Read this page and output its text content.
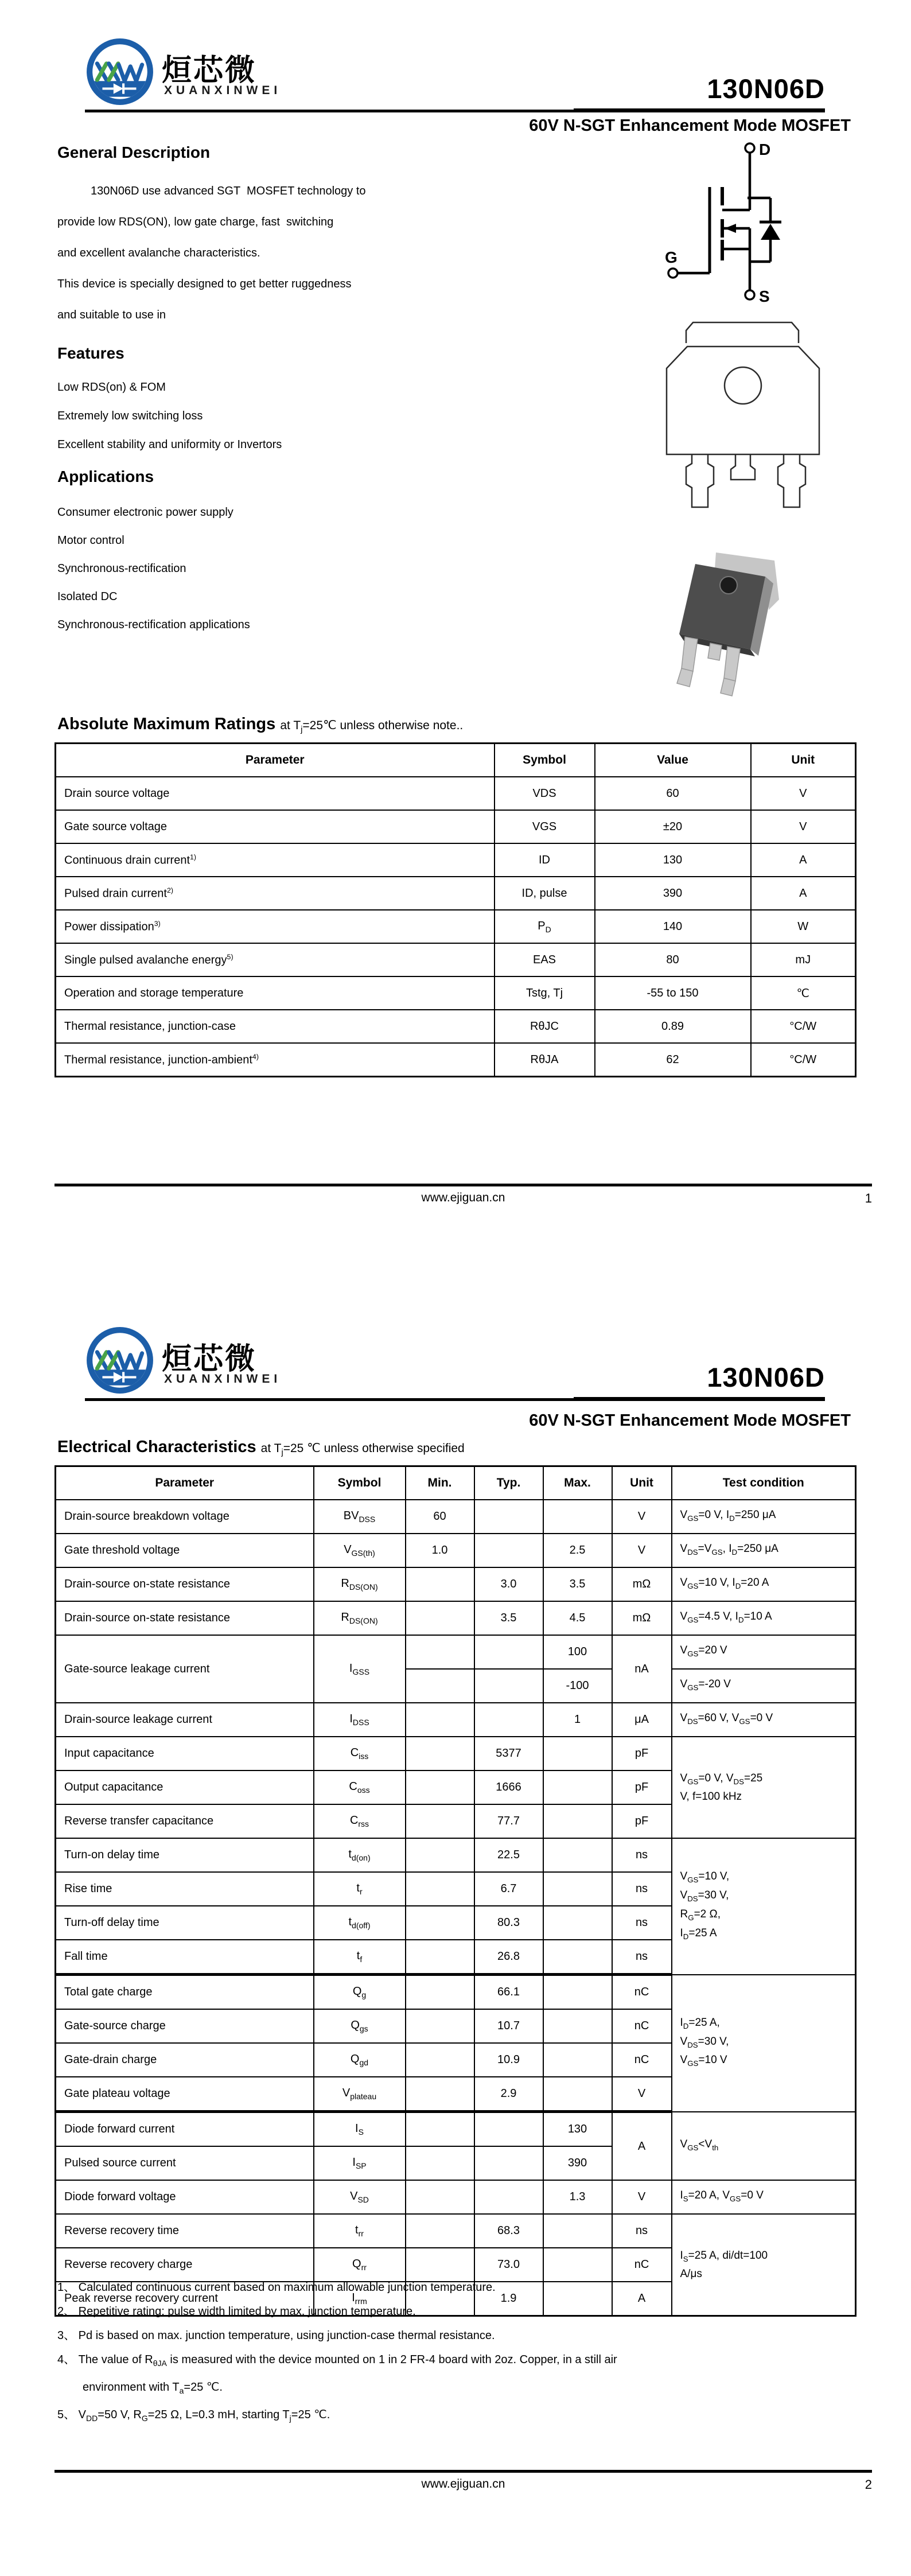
烜芯微
XUANXINWEI	130N06D
60V N-SGT Enhancement Mode MOSFET
General Description
130N06D use advanced SGT  MOSFET technology to
provide low RDS(ON), low gate charge, fast  switching
and excellent avalanche characteristics.
This device is specially designed to get better ruggedness
and suitable to use in
Features
Low RDS(on) & FOM
Extremely low switching loss
Excellent stability and uniformity or Invertors
Applications
Consumer electronic power supply
Motor control
Synchronous-rectification
Isolated DC
Synchronous-rectification applications
D
G
S
Absolute Maximum Ratings at $T_j=25℃$ unless otherwise note..
Parameter	Symbol	Value	Unit
Drain source voltage	VDS	60	V
Gate source voltage	VGS	±20	V
Continuous drain current$^{1)}$	ID	130	A
Pulsed drain current$^{2)}$	ID, pulse	390	A
Power dissipation$^{3)}$	$P_D$	140	W
Single pulsed avalanche energy$^{5)}$	EAS	80	mJ
Operation and storage temperature	Tstg, Tj	-55 to 150	℃
Thermal resistance, junction-case	RθJC	0.89	°C/W
Thermal resistance, junction-ambient$^{4)}$	RθJA	62	°C/W
www.ejiguan.cn	1
烜芯微
XUANXINWEI	130N06D
60V N-SGT Enhancement Mode MOSFET
Electrical Characteristics at $T_j=25$ ℃ unless otherwise specified
Parameter	Symbol	Min.	Typ.	Max.	Unit	Test condition
Drain-source breakdown voltage	$BV_{DSS}$	60			V	$V_{GS}=0$ V, $I_D=250$ μA
Gate threshold voltage	$V_{GS(th)}$	1.0		2.5	V	$V_{DS}=V_{GS}$, $I_D=250$ μA
Drain-source on-state resistance	$R_{DS(ON)}$		3.0	3.5	mΩ	$V_{GS}=10$ V, $I_D=20$ A
Drain-source on-state resistance	$R_{DS(ON)}$		3.5	4.5	mΩ	$V_{GS}=4.5$ V, $I_D=10$ A
Gate-source leakage current	$I_{GSS}$			100	nA	$V_{GS}=20$ V
				-100		$V_{GS}=-20$ V
Drain-source leakage current	$I_{DSS}$			1	μA	$V_{DS}=60$ V, $V_{GS}=0$ V
Input capacitance	$C_{iss}$		5377		pF	$V_{GS}=0$ V, $V_{DS}=25$
V, f=100 kHz
Output capacitance	$C_{oss}$		1666		pF	
Reverse transfer capacitance	$C_{rss}$		77.7		pF	
Turn-on delay time	$t_{d(on)}$		22.5		ns	$V_{GS}=10$ V,
$V_{DS}=30$ V,
$R_G=2$ Ω,
$I_D=25$ A
Rise time	$t_r$		6.7		ns	
Turn-off delay time	$t_{d(off)}$		80.3		ns	
Fall time	$t_f$		26.8		ns	
Total gate charge	$Q_g$		66.1		nC	$I_D=25$ A,
$V_{DS}=30$ V,
$V_{GS}=10$ V
Gate-source charge	$Q_{gs}$		10.7		nC	
Gate-drain charge	$Q_{gd}$		10.9		nC	
Gate plateau voltage	$V_{plateau}$		2.9		V	
Diode forward current	$I_S$			130	A	$V_{GS}<V_{th}$
Pulsed source current	$I_{SP}$			390		
Diode forward voltage	$V_{SD}$			1.3	V	$I_S=20$ A, $V_{GS}=0$ V
Reverse recovery time	$t_{rr}$		68.3		ns	$I_S=25$ A, di/dt=100
A/μs
Reverse recovery charge	$Q_{rr}$		73.0		nC	
Peak reverse recovery current	$I_{rrm}$		1.9		A	
1、 Calculated continuous current based on maximum allowable junction temperature.
2、 Repetitive rating; pulse width limited by max. junction temperature.
3、 Pd is based on max. junction temperature, using junction-case thermal resistance.
4、 The value of $R_{\theta JA}$ is measured with the device mounted on 1 in 2 FR-4 board with 2oz. Copper, in a still air
environment with $T_a=25$ ℃.
5、 $V_{DD}=50$ V, $R_G=25$ Ω, L=0.3 mH, starting $T_j=25$ ℃.
www.ejiguan.cn	2
